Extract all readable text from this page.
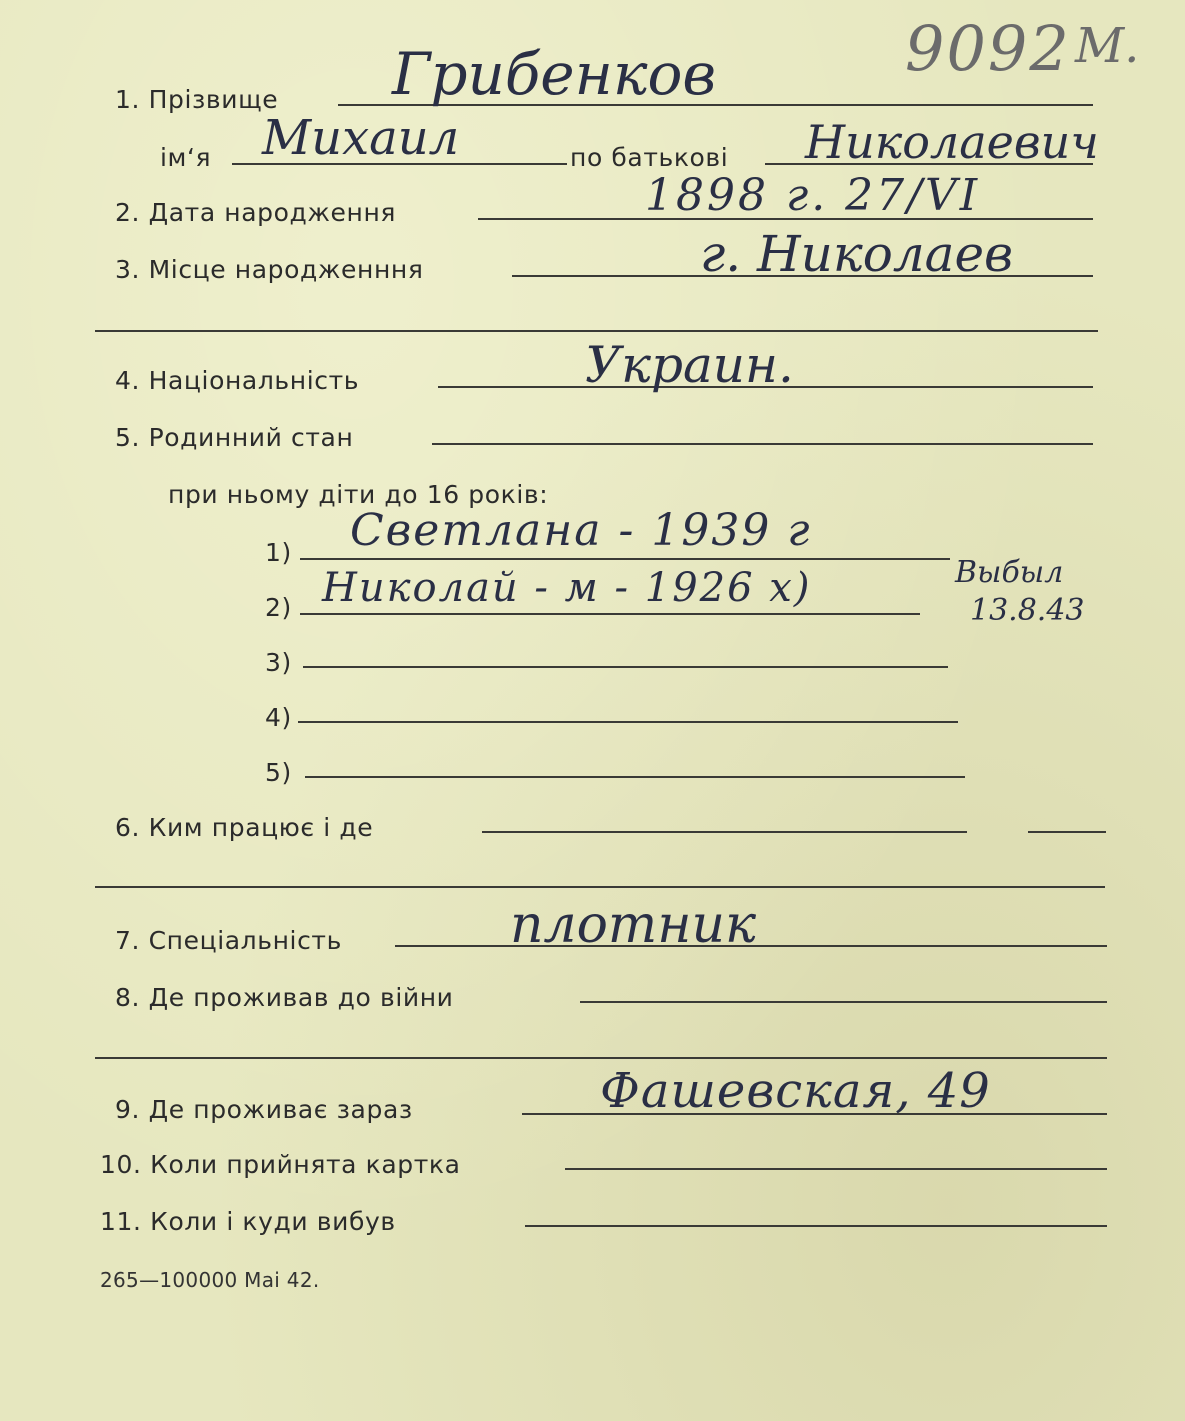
9092 М.
1. Прізвище Грибенков
ім‘я Михаил	по батькові Николаевич
2. Дата народження	1898 г. 27/VI
3. Місце народженння	г. Николаев
4. Національність	Украин.
5. Родинний стан
при ньому діти до 16 років:
1) Светлана - 1939 г
2) Николай - м - 1926 х)	Выбыл
13.8.43
3)
4)
5)
6. Ким працює і де
7. Спеціальність	плотник
8. Де проживав до війни
9. Де проживає зараз	Фашевская, 49
10. Коли прийнята картка
11. Коли і куди вибув
265—100000 Mai 42.
